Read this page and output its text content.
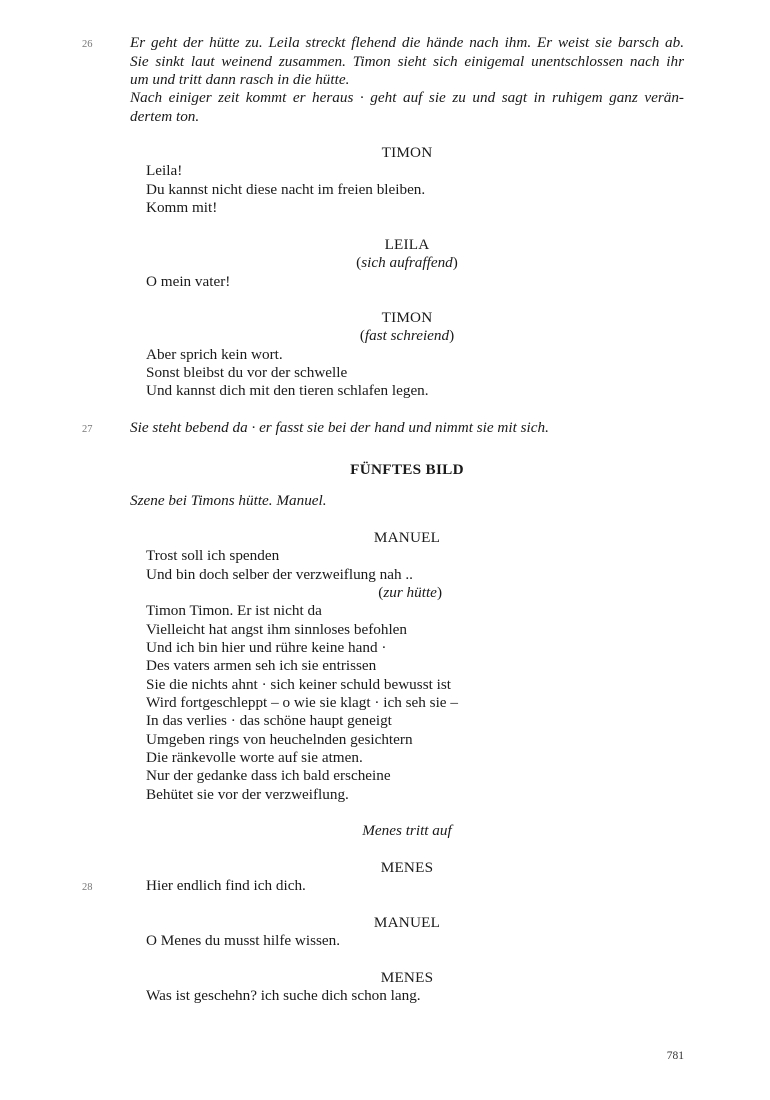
26	Er geht der hütte zu. Leila streckt flehend die hände nach ihm. Er weist sie barsch ab.
Sie sinkt laut weinend zusammen. Timon sieht sich einigemal unentschlossen nach ihr
um und tritt dann rasch in die hütte.
Nach einiger zeit kommt er heraus · geht auf sie zu und sagt in ruhigem ganz verän-
dertem ton.
TIMON
Leila!
Du kannst nicht diese nacht im freien bleiben.
Komm mit!
LEILA
(sich aufraffend)
O mein vater!
TIMON
(fast schreiend)
Aber sprich kein wort.
Sonst bleibst du vor der schwelle
Und kannst dich mit den tieren schlafen legen.
27	Sie steht bebend da · er fasst sie bei der hand und nimmt sie mit sich.
FÜNFTES BILD
Szene bei Timons hütte. Manuel.
MANUEL
Trost soll ich spenden
Und bin doch selber der verzweiflung nah ..
(zur hütte)
Timon Timon. Er ist nicht da
Vielleicht hat angst ihm sinnloses befohlen
Und ich bin hier und rühre keine hand ·
Des vaters armen seh ich sie entrissen
Sie die nichts ahnt · sich keiner schuld bewusst ist
Wird fortgeschleppt – o wie sie klagt · ich seh sie –
In das verlies · das schöne haupt geneigt
Umgeben rings von heuchelnden gesichtern
Die ränkevolle worte auf sie atmen.
Nur der gedanke dass ich bald erscheine
Behütet sie vor der verzweiflung.
Menes tritt auf
MENES
28	Hier endlich find ich dich.
MANUEL
O Menes du musst hilfe wissen.
MENES
Was ist geschehn? ich suche dich schon lang.
781
